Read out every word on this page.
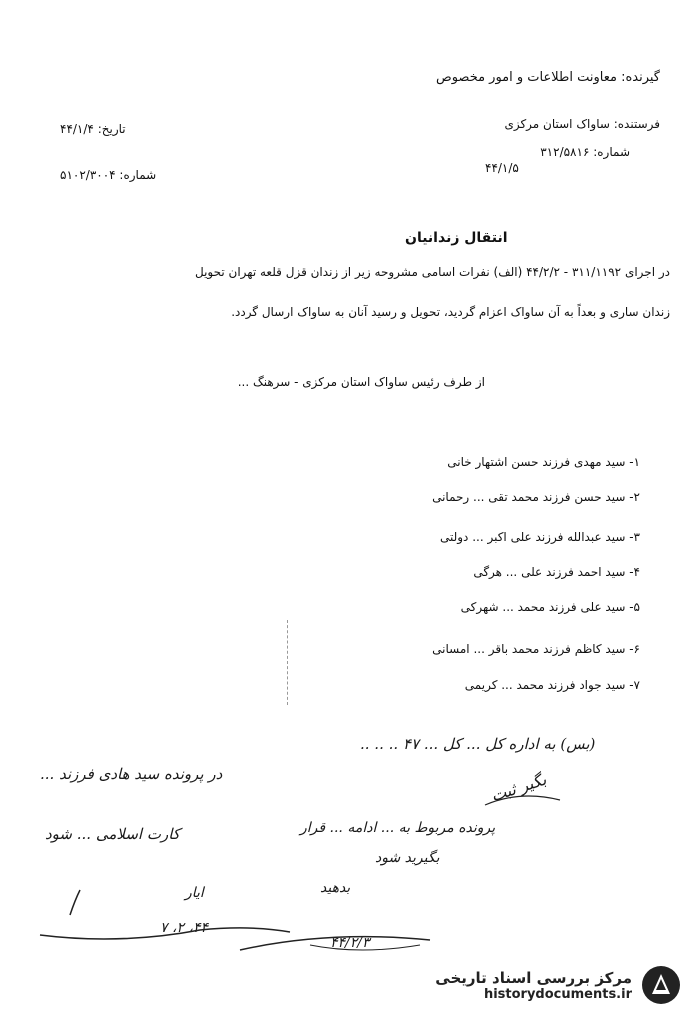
گیرنده: معاونت اطلاعات و امور مخصوص
فرستنده: ساواک استان مرکزی
شماره: ۳۱۲/۵۸۱۶
۴۴/۱/۵
تاریخ: ۴۴/۱/۴
شماره: ۵۱۰۲/۳۰۰۴
انتقال زندانیان
در اجرای ۳۱۱/۱۱۹۲ - ۴۴/۲/۲ (الف) نفرات اسامی مشروحه زیر از زندان قزل قلعه تهران تحویل
زندان ساری و بعداً به آن ساواک اعزام گردید، تحویل و رسید آنان به ساواک ارسال گردد.
از طرف رئیس ساواک استان مرکزی - سرهنگ ...
۱- سید مهدی فرزند حسن اشتهار خانی
۲- سید حسن فرزند محمد تقی ... رحمانی
۳- سید عبدالله فرزند علی اکبر ... دولتی
۴- سید احمد فرزند علی ... هرگی
۵- سید علی فرزند محمد ... شهرکی
۶- سید کاظم فرزند محمد باقر ... امسانی
۷- سید جواد فرزند محمد ... کریمی
(بس) به اداره کل ... کل ... ۴۷ .. .. ..
بگیر ثبت
در پرونده سید هادی فرزند ...
کارت اسلامی ... شود	پرونده مربوط به ... ادامه ... قرار
بگیرید شود
بدهید
ایار
۴۴، ۲، ۷
۴۴/۲/۳
مرکز بررسی اسناد تاریخی
historydocuments.ir
